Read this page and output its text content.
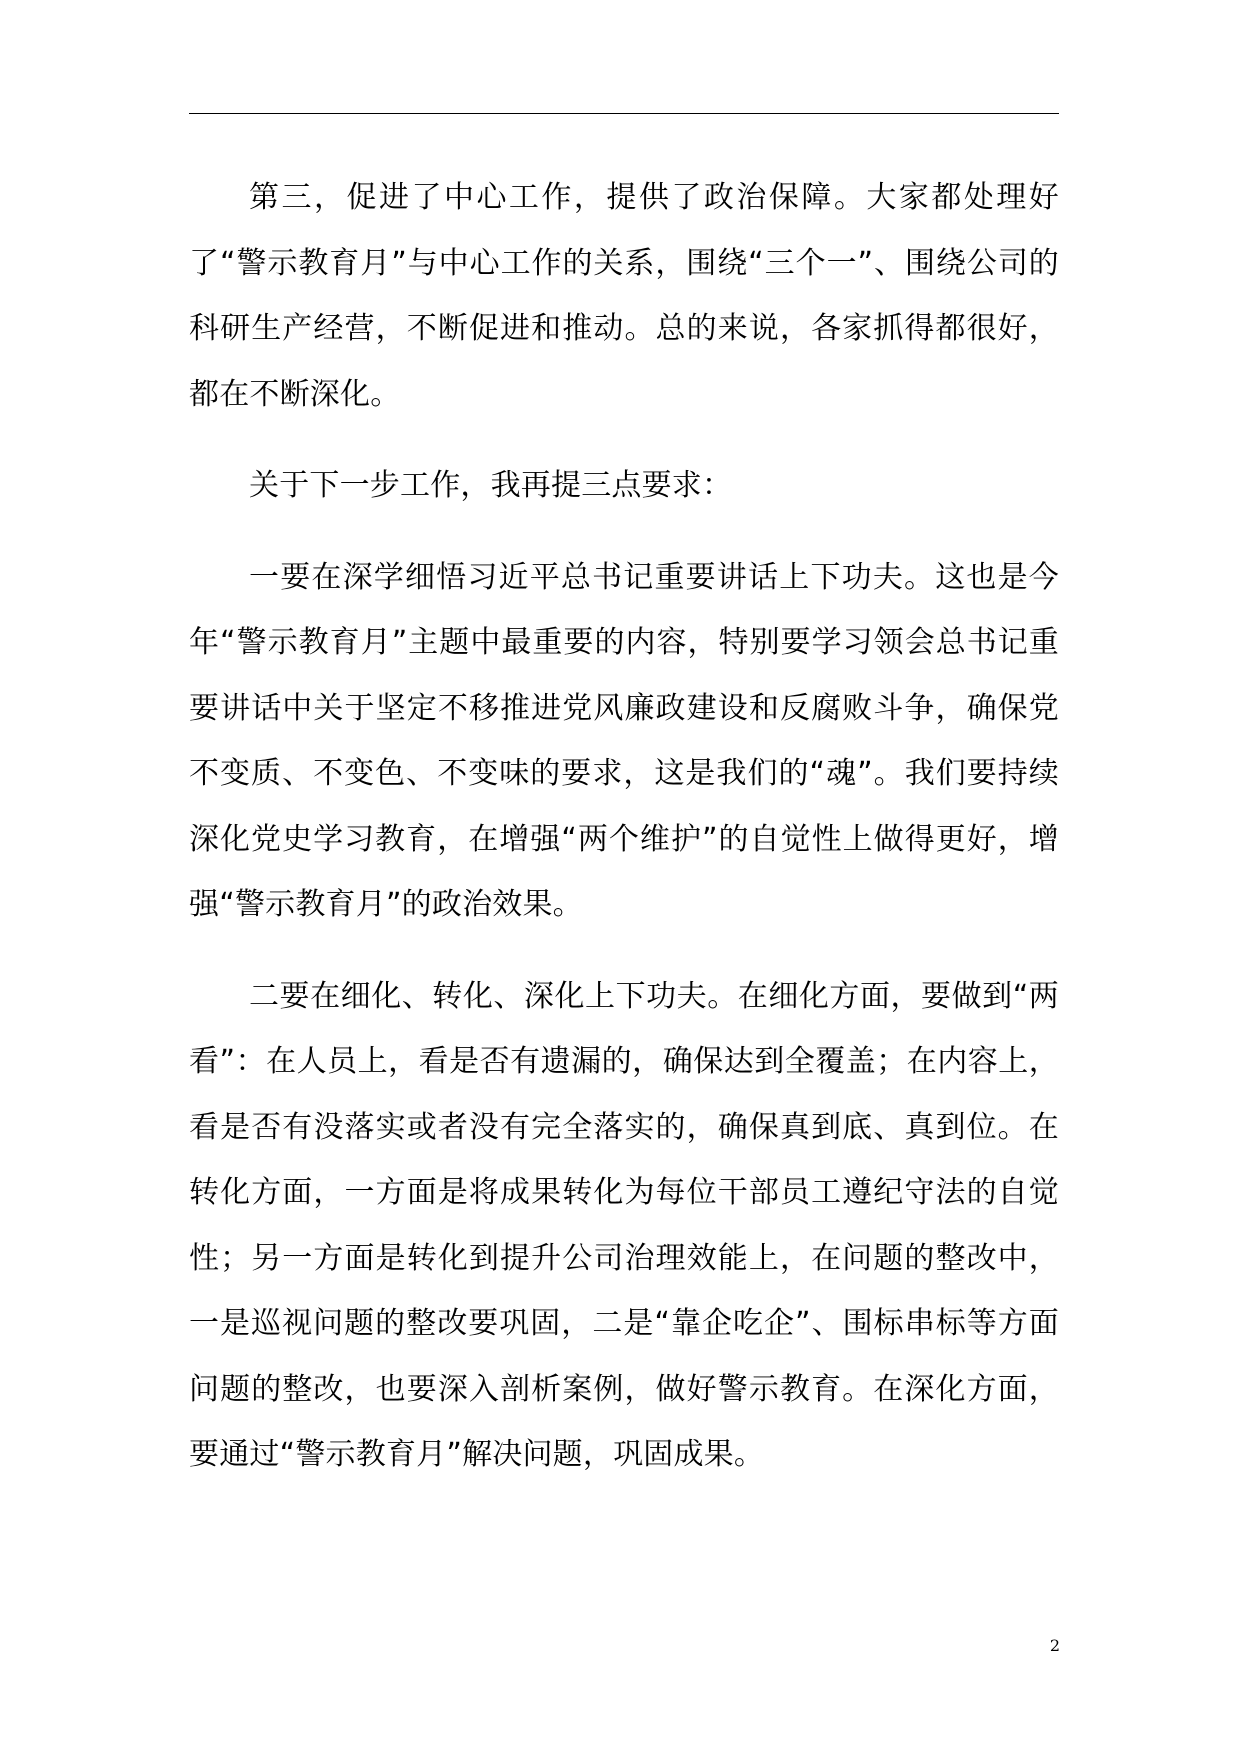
第三，促进了中心工作，提供了政治保障。大家都处理好了“警示教育月”与中心工作的关系，围绕“三个一”、围绕公司的科研生产经营，不断促进和推动。总的来说，各家抓得都很好，都在不断深化。

关于下一步工作，我再提三点要求：

一要在深学细悟习近平总书记重要讲话上下功夫。这也是今年“警示教育月”主题中最重要的内容，特别要学习领会总书记重要讲话中关于坚定不移推进党风廉政建设和反腐败斗争，确保党不变质、不变色、不变味的要求，这是我们的“魂”。我们要持续深化党史学习教育，在增强“两个维护”的自觉性上做得更好，增强“警示教育月”的政治效果。

二要在细化、转化、深化上下功夫。在细化方面，要做到“两看”：在人员上，看是否有遗漏的，确保达到全覆盖；在内容上，看是否有没落实或者没有完全落实的，确保真到底、真到位。在转化方面，一方面是将成果转化为每位干部员工遵纪守法的自觉性；另一方面是转化到提升公司治理效能上，在问题的整改中，一是巡视问题的整改要巩固，二是“靠企吃企”、围标串标等方面问题的整改，也要深入剖析案例，做好警示教育。在深化方面，要通过“警示教育月”解决问题，巩固成果。

2
